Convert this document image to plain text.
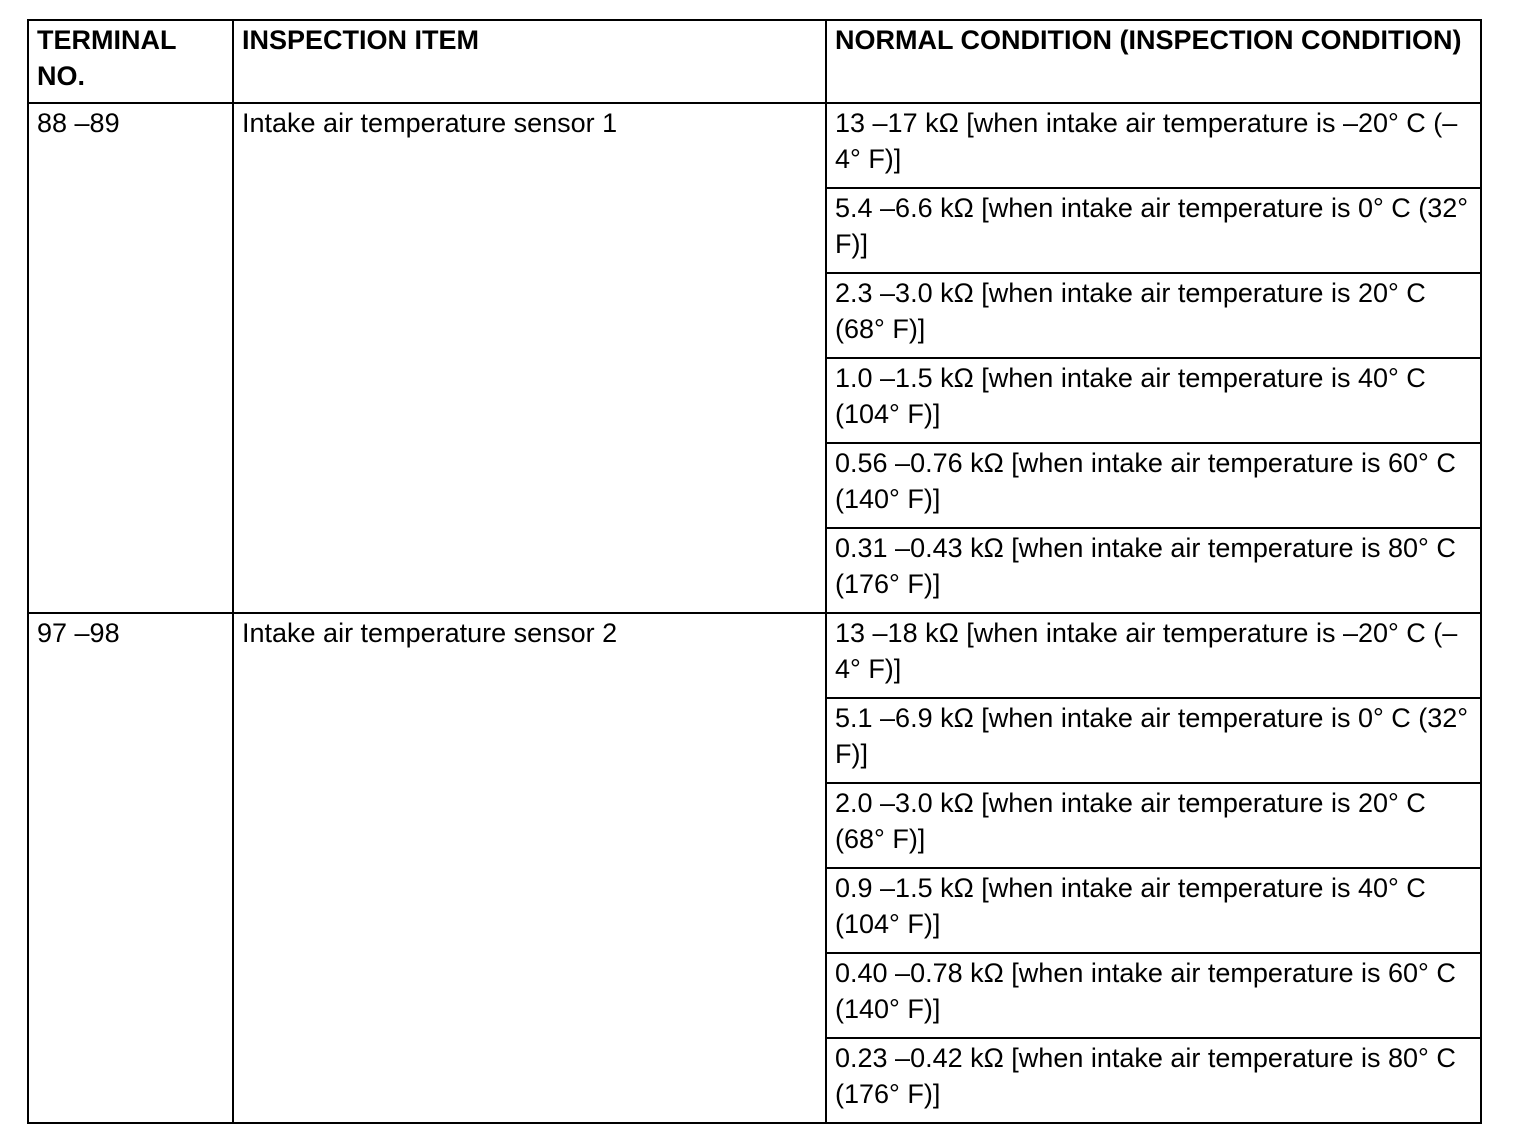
TERMINAL NO.	INSPECTION ITEM	NORMAL CONDITION (INSPECTION CONDITION)
88 –89	Intake air temperature sensor 1	13 –17 kΩ [when intake air temperature is –20° C (–4° F)]
		5.4 –6.6 kΩ [when intake air temperature is 0° C (32° F)]
		2.3 –3.0 kΩ [when intake air temperature is 20° C (68° F)]
		1.0 –1.5 kΩ [when intake air temperature is 40° C (104° F)]
		0.56 –0.76 kΩ [when intake air temperature is 60° C (140° F)]
		0.31 –0.43 kΩ [when intake air temperature is 80° C (176° F)]
97 –98	Intake air temperature sensor 2	13 –18 kΩ [when intake air temperature is –20° C (–4° F)]
		5.1 –6.9 kΩ [when intake air temperature is 0° C (32° F)]
		2.0 –3.0 kΩ [when intake air temperature is 20° C (68° F)]
		0.9 –1.5 kΩ [when intake air temperature is 40° C (104° F)]
		0.40 –0.78 kΩ [when intake air temperature is 60° C (140° F)]
		0.23 –0.42 kΩ [when intake air temperature is 80° C (176° F)]
